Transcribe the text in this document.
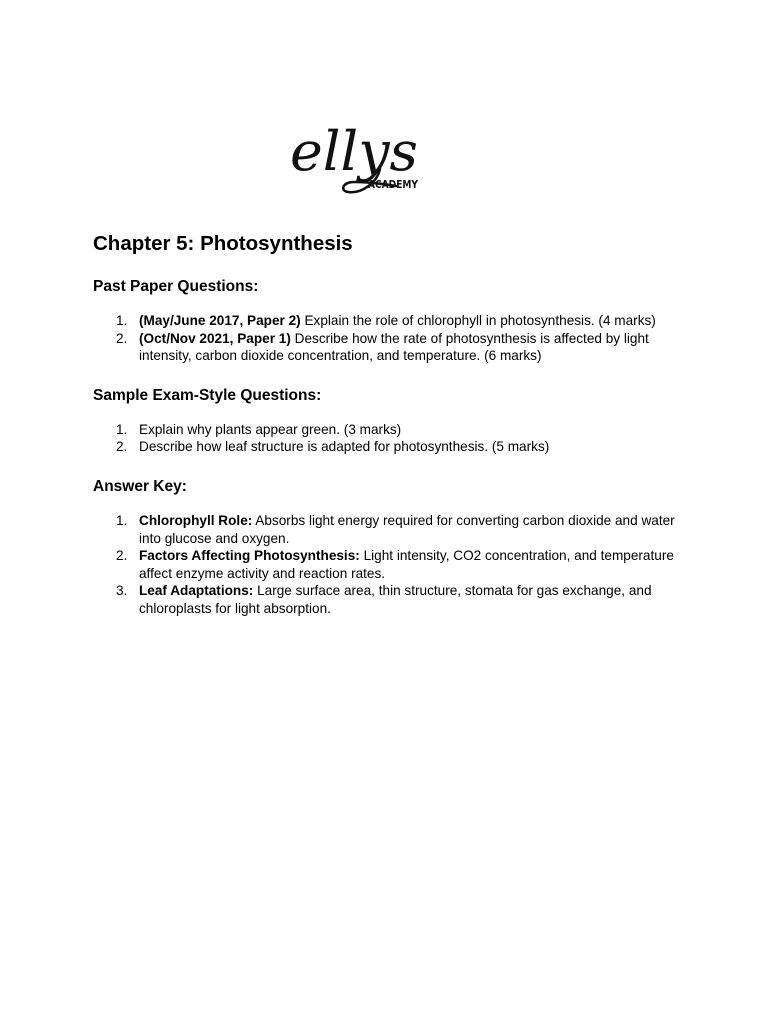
ellys
ACADEMY
Chapter 5: Photosynthesis
Past Paper Questions:
1. (May/June 2017, Paper 2) Explain the role of chlorophyll in photosynthesis. (4 marks)
2. (Oct/Nov 2021, Paper 1) Describe how the rate of photosynthesis is affected by light intensity, carbon dioxide concentration, and temperature. (6 marks)
Sample Exam-Style Questions:
1. Explain why plants appear green. (3 marks)
2. Describe how leaf structure is adapted for photosynthesis. (5 marks)
Answer Key:
1. Chlorophyll Role: Absorbs light energy required for converting carbon dioxide and water into glucose and oxygen.
2. Factors Affecting Photosynthesis: Light intensity, CO2 concentration, and temperature affect enzyme activity and reaction rates.
3. Leaf Adaptations: Large surface area, thin structure, stomata for gas exchange, and chloroplasts for light absorption.
